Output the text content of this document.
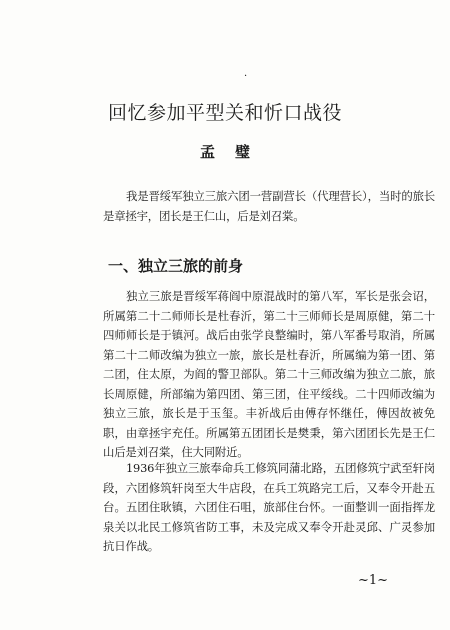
·
回忆参加平型关和忻口战役
孟璧

我是晋绥军独立三旅六团一营副营长（代理营长），当时的旅长是章拯宇，团长是王仁山，后是刘召棠。

一、独立三旅的前身

独立三旅是晋绥军蒋阎中原混战时的第八军，军长是张会诏，所属第二十二师师长是杜春沂，第二十三师师长是周原健，第二十四师师长是于镇河。战后由张学良整编时，第八军番号取消，所属第二十二师改编为独立一旅，旅长是杜春沂，所属编为第一团、第二团，住太原，为阎的警卫部队。第二十三师改编为独立二旅，旅长周原健，所部编为第四团、第三团，住平绥线。二十四师改编为独立三旅，旅长是于玉玺。丰祈战后由傅存怀继任，傅因故被免职，由章拯宇充任。所属第五团团长是樊秉，第六团团长先是王仁山后是刘召棠，住大同附近。

1936年独立三旅奉命兵工修筑同蒲北路，五团修筑宁武至轩岗段，六团修筑轩岗至大牛店段，在兵工筑路完工后，又奉令开赴五台。五团住耿镇，六团住石咀，旅部住台怀。一面整训一面指挥龙泉关以北民工修筑省防工事，未及完成又奉令开赴灵邱、广灵参加抗日作战。

~1~
